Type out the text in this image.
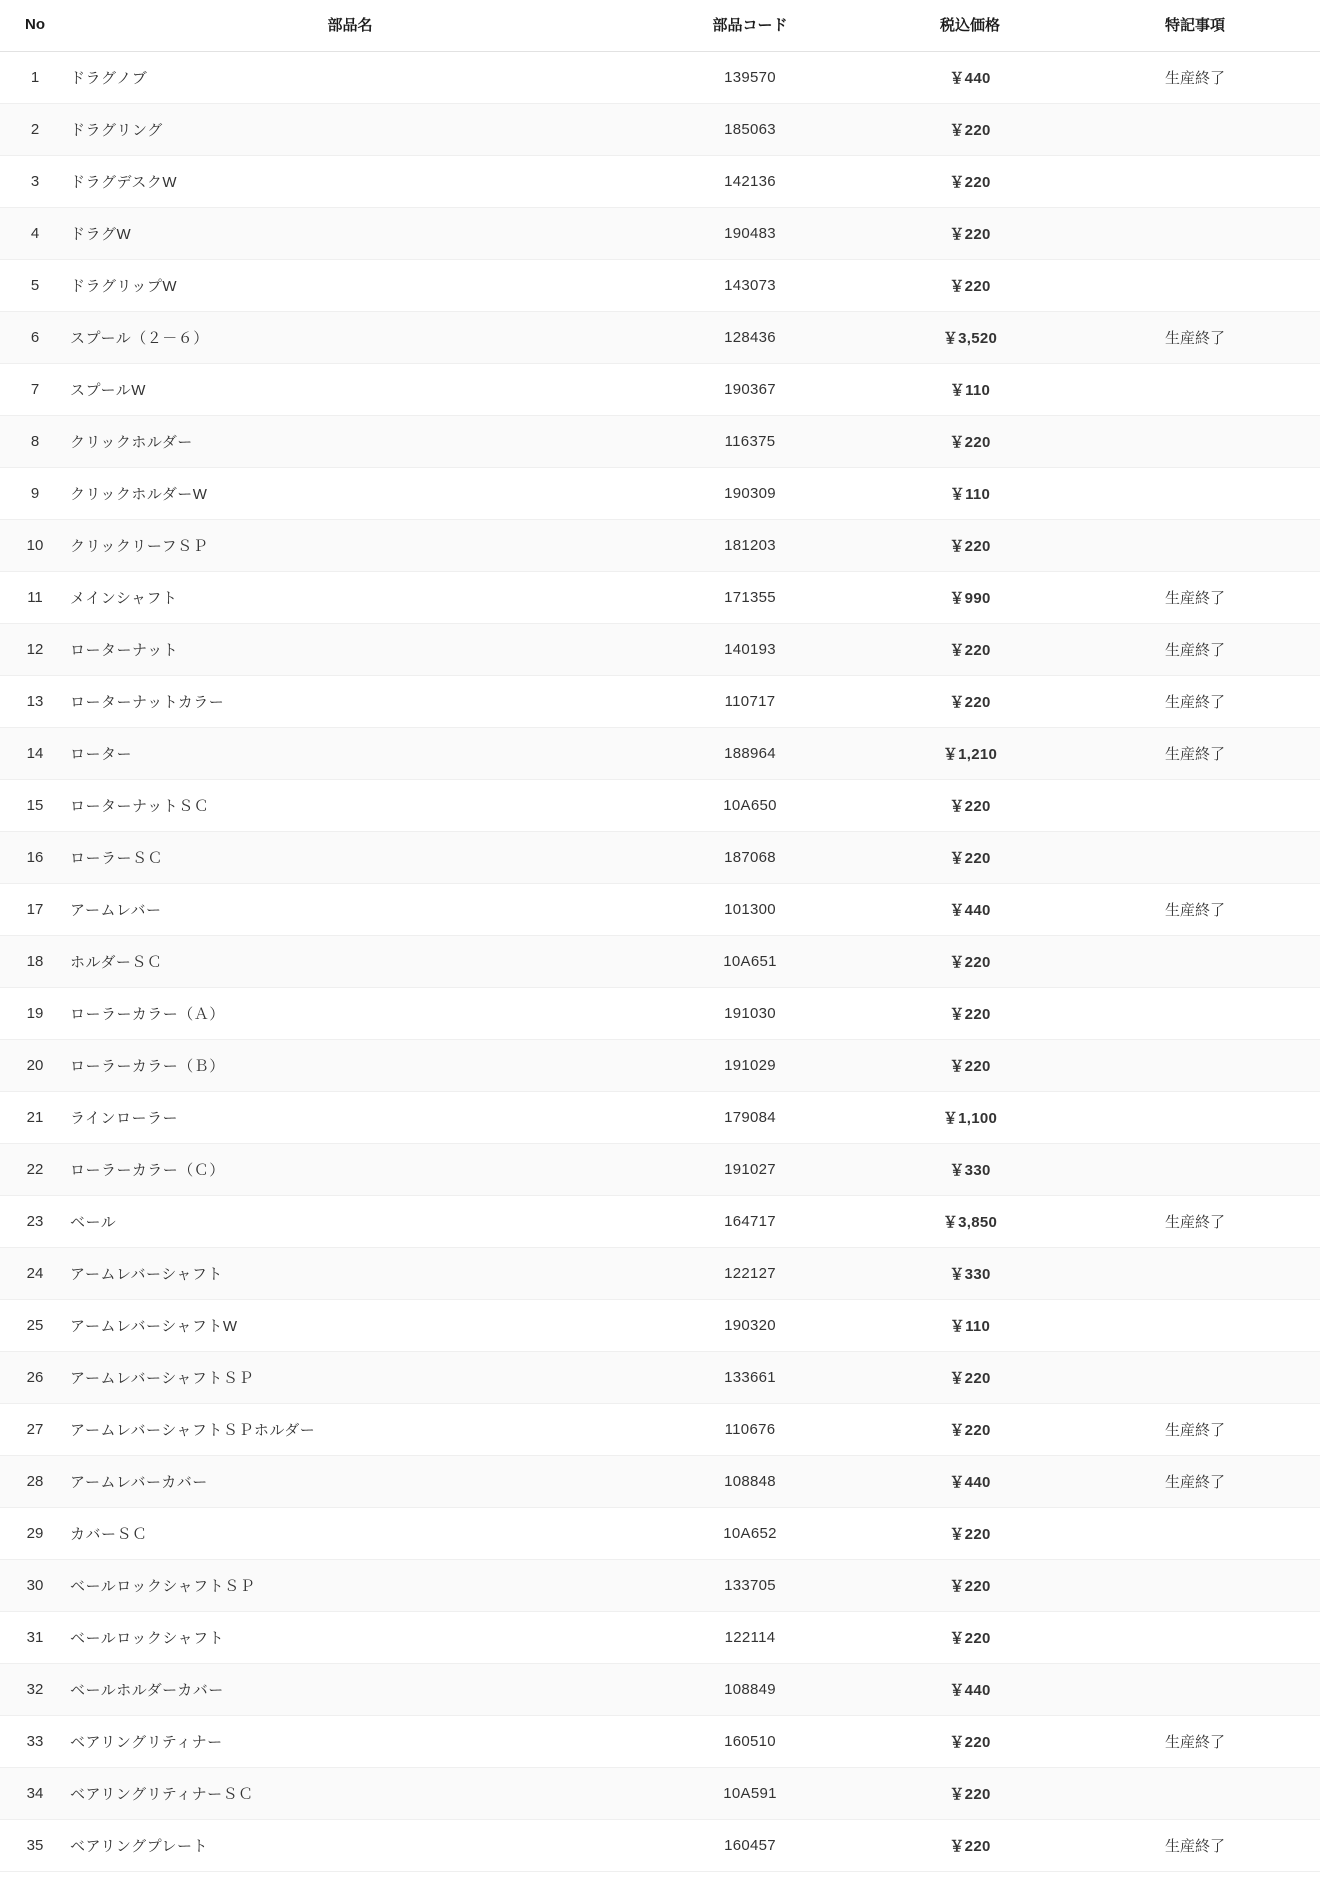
No	部品名	部品コード	税込価格	特記事項
1	ドラグノブ	139570	￥440	生産終了
2	ドラグリング	185063	￥220	
3	ドラグデスクW	142136	￥220	
4	ドラグW	190483	￥220	
5	ドラグリップW	143073	￥220	
6	スプール（２－６）	128436	￥3,520	生産終了
7	スプールW	190367	￥110	
8	クリックホルダー	116375	￥220	
9	クリックホルダーW	190309	￥110	
10	クリックリーフＳＰ	181203	￥220	
11	メインシャフト	171355	￥990	生産終了
12	ローターナット	140193	￥220	生産終了
13	ローターナットカラー	110717	￥220	生産終了
14	ローター	188964	￥1,210	生産終了
15	ローターナットＳＣ	10A650	￥220	
16	ローラーＳＣ	187068	￥220	
17	アームレバー	101300	￥440	生産終了
18	ホルダーＳＣ	10A651	￥220	
19	ローラーカラー（Ａ）	191030	￥220	
20	ローラーカラー（Ｂ）	191029	￥220	
21	ラインローラー	179084	￥1,100	
22	ローラーカラー（Ｃ）	191027	￥330	
23	ベール	164717	￥3,850	生産終了
24	アームレバーシャフト	122127	￥330	
25	アームレバーシャフトW	190320	￥110	
26	アームレバーシャフトＳＰ	133661	￥220	
27	アームレバーシャフトＳＰホルダー	110676	￥220	生産終了
28	アームレバーカバー	108848	￥440	生産終了
29	カバーＳＣ	10A652	￥220	
30	ベールロックシャフトＳＰ	133705	￥220	
31	ベールロックシャフト	122114	￥220	
32	ベールホルダーカバー	108849	￥440	
33	ベアリングリティナー	160510	￥220	生産終了
34	ベアリングリティナーＳＣ	10A591	￥220	
35	ベアリングプレート	160457	￥220	生産終了
